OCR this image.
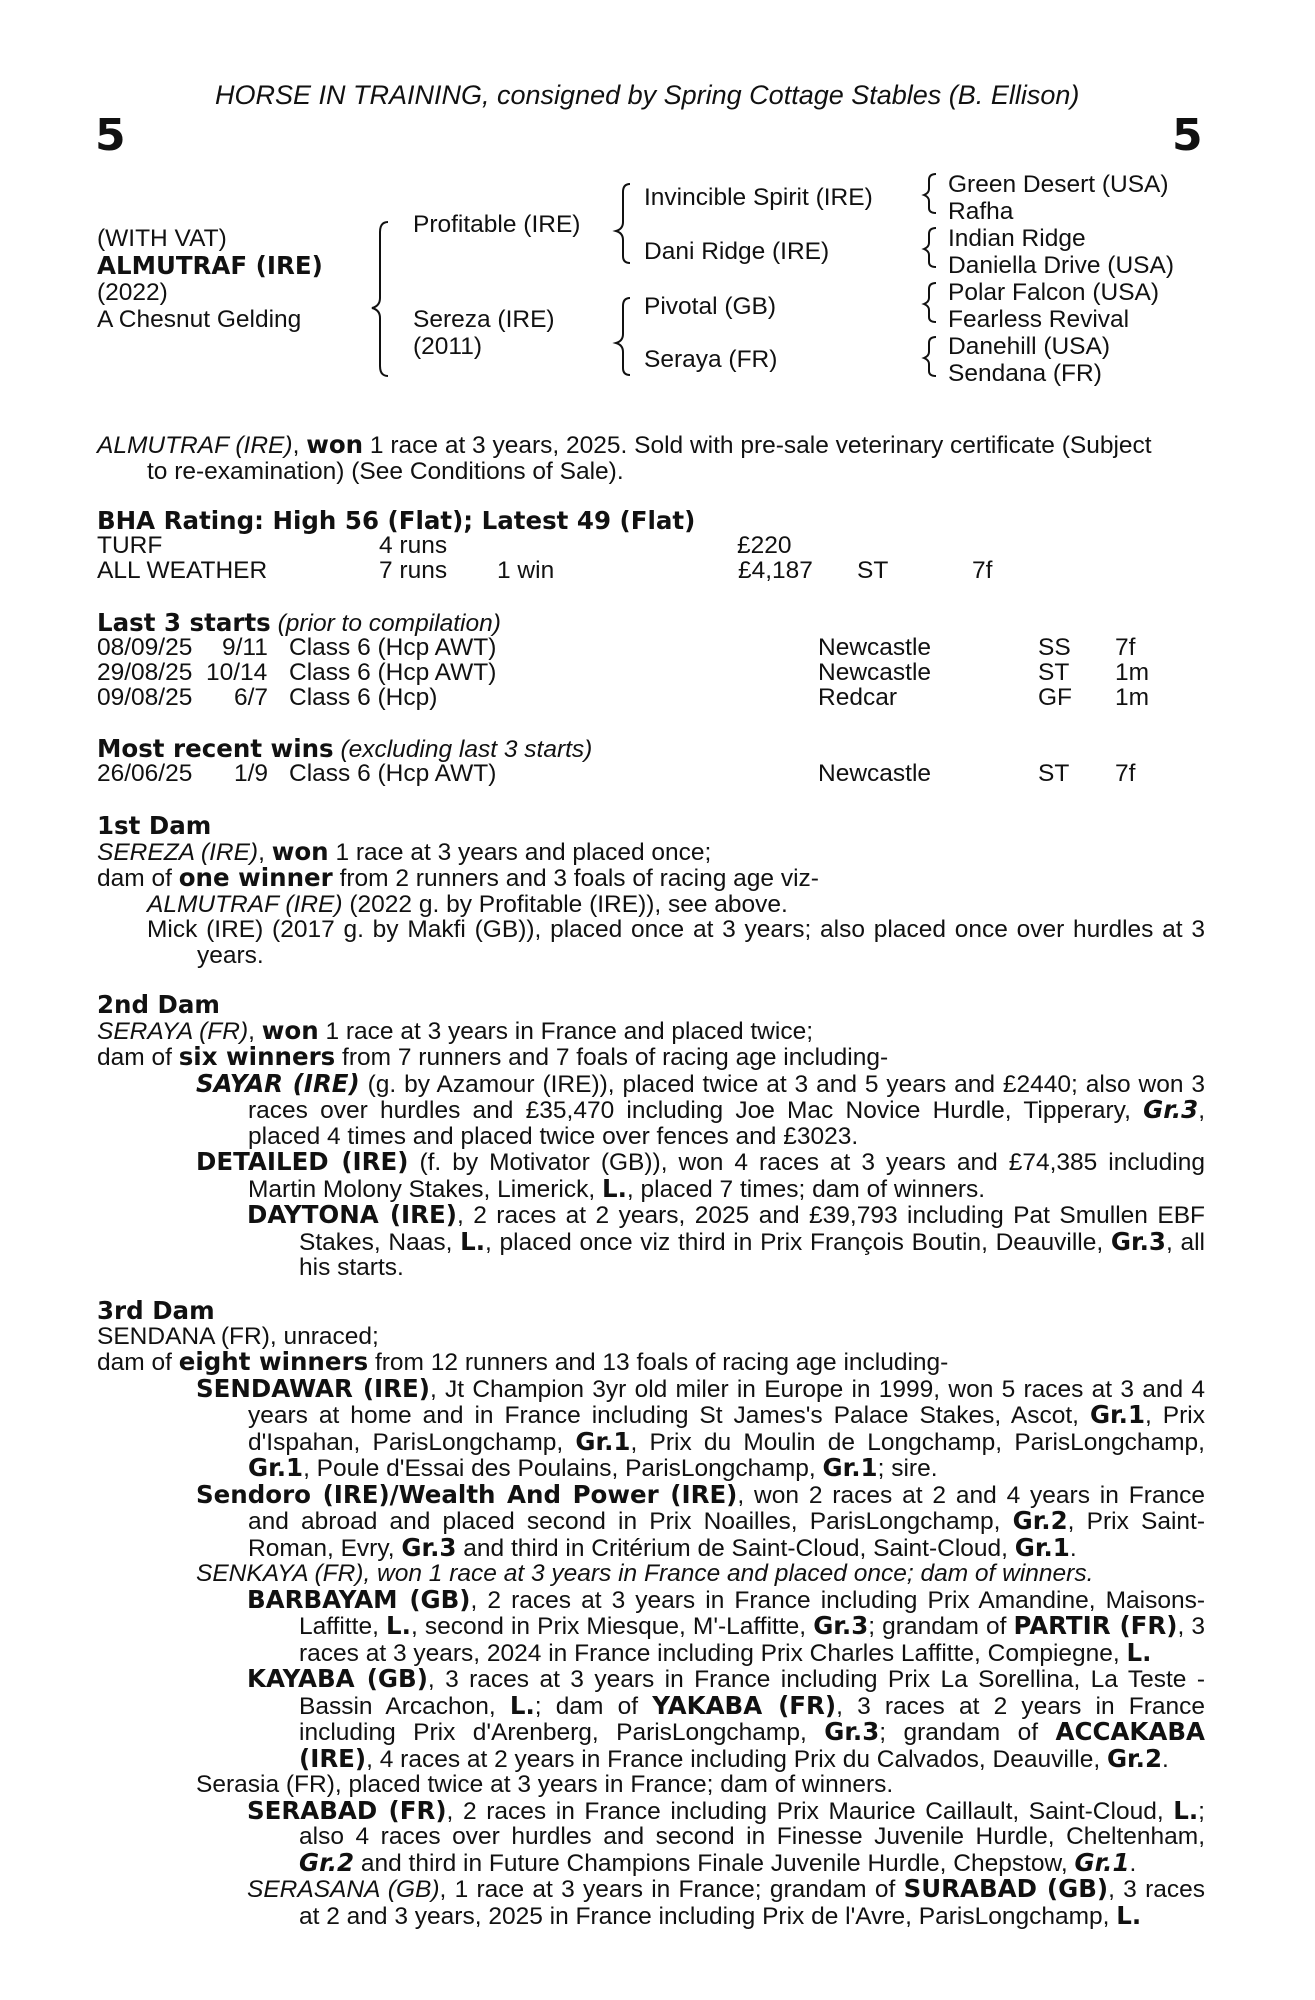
HORSE IN TRAINING, consigned by Spring Cottage Stables (B. Ellison)
5	5
(WITH VAT)
ALMUTRAF (IRE)
(2022)
A Chesnut Gelding
Profitable (IRE)
Sereza (IRE)
(2011)
Invincible Spirit (IRE)
Dani Ridge (IRE)
Pivotal (GB)
Seraya (FR)
Green Desert (USA)
Rafha
Indian Ridge
Daniella Drive (USA)
Polar Falcon (USA)
Fearless Revival
Danehill (USA)
Sendana (FR)

ALMUTRAF (IRE), won 1 race at 3 years, 2025. Sold with pre-sale veterinary certificate (Subject

to re-examination) (See Conditions of Sale).

BHA Rating: High 56 (Flat); Latest 49 (Flat)
TURF	4 runs	£220
ALL WEATHER	7 runs 1 win	£4,187 ST	7f
Last 3 starts (prior to compilation)
08/09/25 9/11 Class 6 (Hcp AWT)	Newcastle	SS 7f
29/08/25 10/14 Class 6 (Hcp AWT)	Newcastle	ST 1m
09/08/25 6/7 Class 6 (Hcp)	Redcar	GF 1m
Most recent wins (excluding last 3 starts)
26/06/25 1/9 Class 6 (Hcp AWT)	Newcastle	ST 7f

1st Dam

SEREZA (IRE), won 1 race at 3 years and placed once;

dam of one winner from 2 runners and 3 foals of racing age viz-

ALMUTRAF (IRE) (2022 g. by Profitable (IRE)), see above.

Mick (IRE) (2017 g. by Makfi (GB)), placed once at 3 years; also placed once over hurdles at 3 years.

2nd Dam

SERAYA (FR), won 1 race at 3 years in France and placed twice;

dam of six winners from 7 runners and 7 foals of racing age including-

SAYAR (IRE) (g. by Azamour (IRE)), placed twice at 3 and 5 years and £2440; also won 3 races over hurdles and £35,470 including Joe Mac Novice Hurdle, Tipperary, Gr.3, placed 4 times and placed twice over fences and £3023.

DETAILED (IRE) (f. by Motivator (GB)), won 4 races at 3 years and £74,385 including Martin Molony Stakes, Limerick, L., placed 7 times; dam of winners.

DAYTONA (IRE), 2 races at 2 years, 2025 and £39,793 including Pat Smullen EBF Stakes, Naas, L., placed once viz third in Prix François Boutin, Deauville, Gr.3, all his starts.

3rd Dam

SENDANA (FR), unraced;

dam of eight winners from 12 runners and 13 foals of racing age including-

SENDAWAR (IRE), Jt Champion 3yr old miler in Europe in 1999, won 5 races at 3 and 4 years at home and in France including St James's Palace Stakes, Ascot, Gr.1, Prix d'Ispahan, ParisLongchamp, Gr.1, Prix du Moulin de Longchamp, ParisLongchamp, Gr.1, Poule d'Essai des Poulains, ParisLongchamp, Gr.1; sire.

Sendoro (IRE)/Wealth And Power (IRE), won 2 races at 2 and 4 years in France and abroad and placed second in Prix Noailles, ParisLongchamp, Gr.2, Prix Saint-Roman, Evry, Gr.3 and third in Critérium de Saint-Cloud, Saint-Cloud, Gr.1.

SENKAYA (FR), won 1 race at 3 years in France and placed once; dam of winners.

BARBAYAM (GB), 2 races at 3 years in France including Prix Amandine, Maisons-Laffitte, L., second in Prix Miesque, M'-Laffitte, Gr.3; grandam of PARTIR (FR), 3 races at 3 years, 2024 in France including Prix Charles Laffitte, Compiegne, L.

KAYABA (GB), 3 races at 3 years in France including Prix La Sorellina, La Teste - Bassin Arcachon, L.; dam of YAKABA (FR), 3 races at 2 years in France including Prix d'Arenberg, ParisLongchamp, Gr.3; grandam of ACCAKABA (IRE), 4 races at 2 years in France including Prix du Calvados, Deauville, Gr.2.

Serasia (FR), placed twice at 3 years in France; dam of winners.

SERABAD (FR), 2 races in France including Prix Maurice Caillault, Saint-Cloud, L.; also 4 races over hurdles and second in Finesse Juvenile Hurdle, Cheltenham, Gr.2 and third in Future Champions Finale Juvenile Hurdle, Chepstow, Gr.1.

SERASANA (GB), 1 race at 3 years in France; grandam of SURABAD (GB), 3 races at 2 and 3 years, 2025 in France including Prix de l'Avre, ParisLongchamp, L.
